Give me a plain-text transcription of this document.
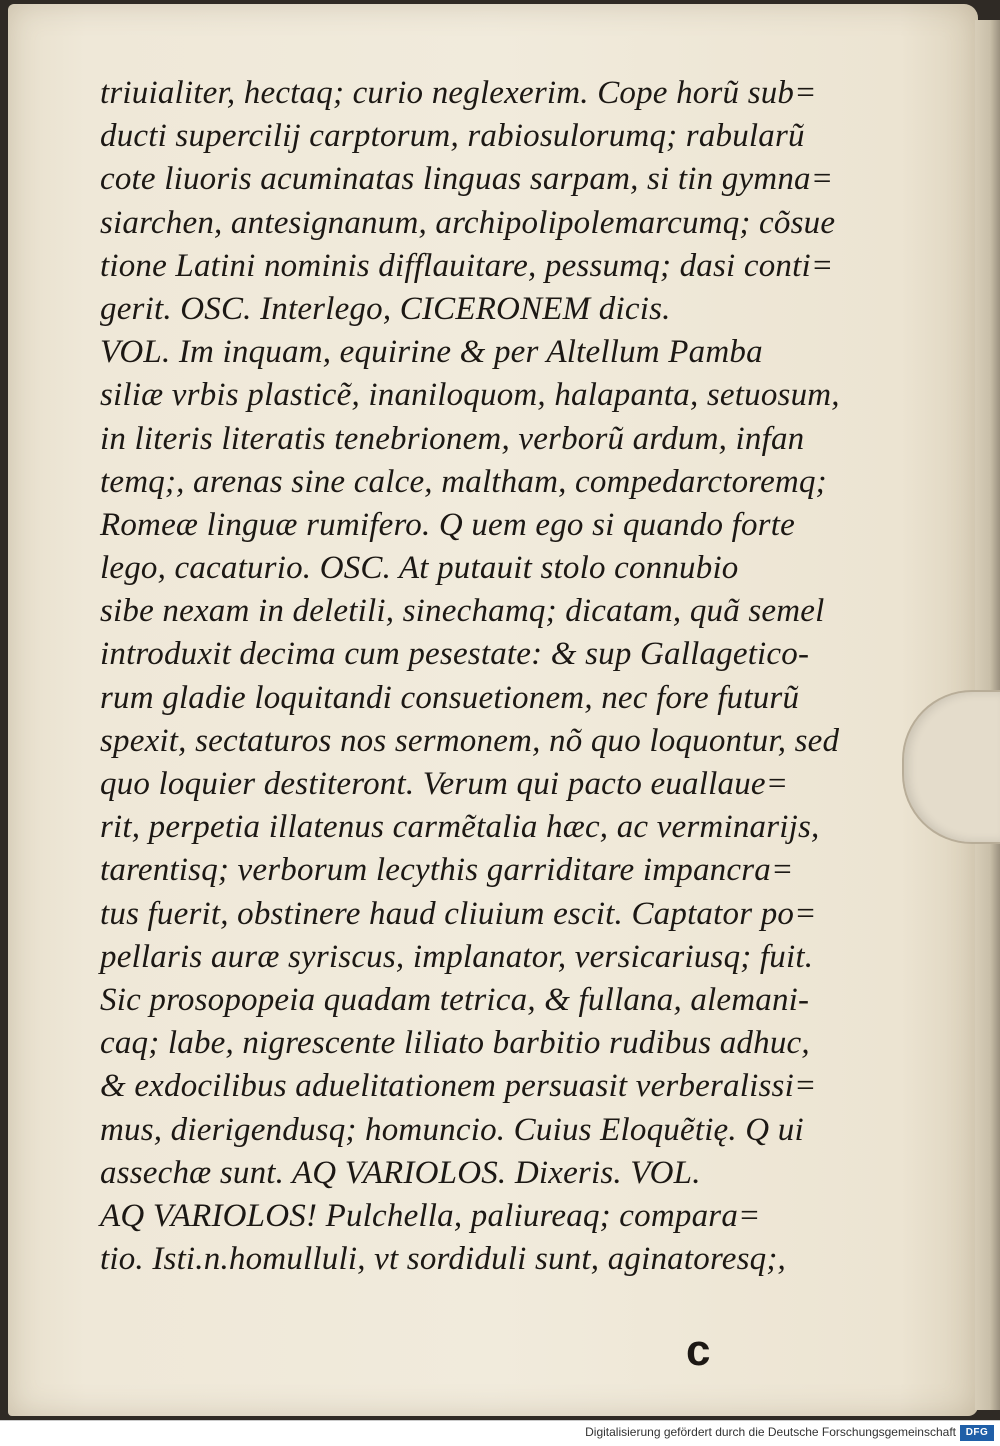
triuialiter, hectaq; curio neglexerim. Cope horũ sub=
ducti supercilij carptorum, rabiosulorumq; rabularũ
cote liuoris acuminatas linguas sarpam, si tin gymna=
siarchen, antesignanum, archipolipolemarcumq; cõsue
tione Latini nominis difflauitare, pessumq; dasi conti=
gerit. OSC. Interlego, CICERONEM dicis.
VOL. Im inquam, equirine & per Altellum Pamba
siliæ vrbis plasticẽ, inaniloquom, halapanta, setuosum,
in literis literatis tenebrionem, verborũ ardum, infan
temq;, arenas sine calce, maltham, compedarctoremq;
Romeæ linguæ rumifero. Q uem ego si quando forte
lego, cacaturio. OSC. At putauit stolo connubio
sibe nexam in deletili, sinechamq; dicatam, quã semel
introduxit decima cum pesestate: & sup Gallagetico-
rum gladie loquitandi consuetionem, nec fore futurũ
spexit, sectaturos nos sermonem, nõ quo loquontur, sed
quo loquier destiteront. Verum qui pacto euallaue=
rit, perpetia illatenus carmẽtalia hæc, ac verminarijs,
tarentisq; verborum lecythis garriditare impancra=
tus fuerit, obstinere haud cliuium escit. Captator po=
pellaris auræ syriscus, implanator, versicariusq; fuit.
Sic prosopopeia quadam tetrica, & fullana, alemani-
caq; labe, nigrescente liliato barbitio rudibus adhuc,
& exdocilibus aduelitationem persuasit verberalissi=
mus, dierigendusq; homuncio. Cuius Eloquẽtię. Q ui
assechæ sunt. AQ VARIOLOS. Dixeris. VOL.
AQ VARIOLOS! Pulchella, paliureaq; compara=
tio. Isti.n.homulluli, vt sordiduli sunt, aginatoresq;,
c
Digitalisierung gefördert durch die Deutsche Forschungsgemeinschaft DFG
